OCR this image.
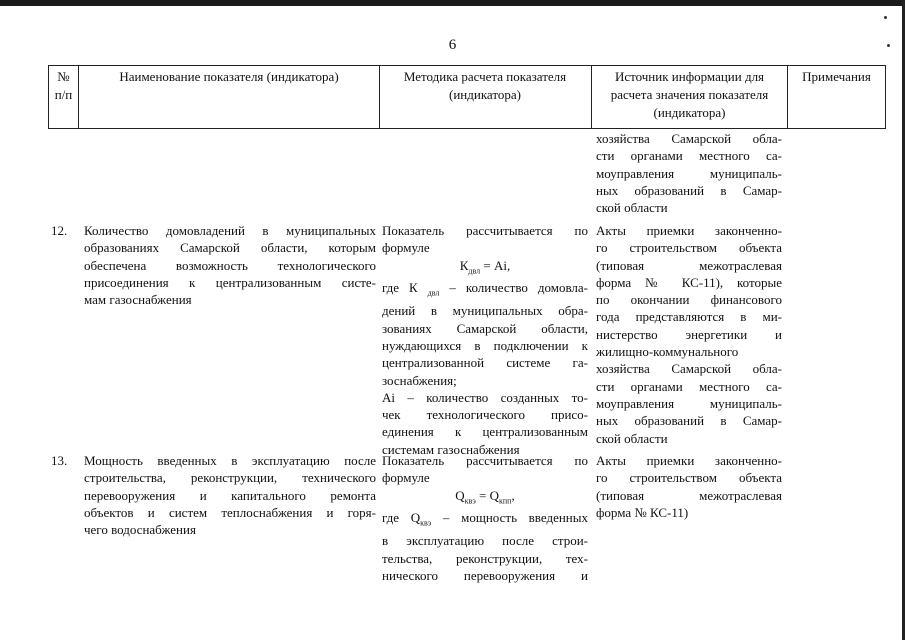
6
№
п/п
Наименование показателя (индикатора)	Методика расчета показателя (индикатора)
Источник информации для расчета значения показателя (индикатора)
Примечания
хозяйства Самарской обла-
сти органами местного са-
моуправления муниципаль-
ных образований в Самар-
ской области
12. Количество домовладений в муниципальных
образованиях Самарской области, которым
обеспечена возможность технологического
присоединения к централизованным систе-
мам газоснабжения
Показатель рассчитывается по
формуле
$К_{двл} = Ai$,
где К $_{двл}$ – количество домовла-
дений в муниципальных обра-
зованиях Самарской области,
нуждающихся в подключении к
централизованной системе га-
зоснабжения;
Ai – количество созданных то-
чек технологического присо-
единения к централизованным
системам газоснабжения
Акты приемки законченно-
го строительством объекта
(типовая межотраслевая
форма № КС-11), которые
по окончании финансового
года представляются в ми-
нистерство энергетики и
жилищно-коммунального
хозяйства Самарской обла-
сти органами местного са-
моуправления муниципаль-
ных образований в Самар-
ской области
13. Мощность введенных в эксплуатацию после
строительства, реконструкции, технического
перевооружения и капитального ремонта
объектов и систем теплоснабжения и горя-
чего водоснабжения
Показатель рассчитывается по
формуле
$Q_{квэ} = Q_{кпп}$,
где $Q_{квэ}$ – мощность введенных
в эксплуатацию после строи-
тельства, реконструкции, тех-
нического перевооружения и
Акты приемки законченно-
го строительством объекта
(типовая межотраслевая
форма № КС-11)
